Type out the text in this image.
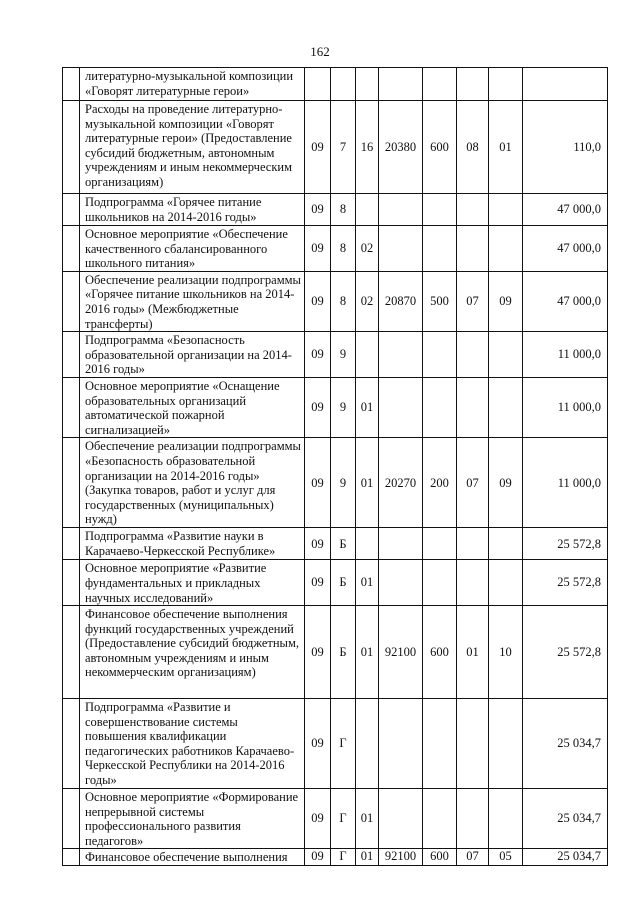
162
	литературно-музыкальной композиции «Говорят литературные герои»								
	Расходы на проведение литературно-музыкальной композиции «Говорят литературные герои» (Предоставление субсидий бюджетным, автономным учреждениям и иным некоммерческим организациям)	09	7	16	20380	600	08	01	110,0
	Подпрограмма «Горячее питание школьников на 2014-2016 годы»	09	8						47 000,0
	Основное мероприятие «Обеспечение качественного сбалансированного школьного питания»	09	8	02					47 000,0
	Обеспечение реализации подпрограммы «Горячее питание школьников на 2014-2016 годы» (Межбюджетные трансферты)	09	8	02	20870	500	07	09	47 000,0
	Подпрограмма «Безопасность образовательной организации на 2014-2016 годы»	09	9						11 000,0
	Основное мероприятие «Оснащение образовательных организаций автоматической пожарной сигнализацией»	09	9	01					11 000,0
	Обеспечение реализации подпрограммы «Безопасность образовательной организации на 2014-2016 годы» (Закупка товаров, работ и услуг для государственных (муниципальных) нужд)	09	9	01	20270	200	07	09	11 000,0
	Подпрограмма «Развитие науки в Карачаево-Черкесской Республике»	09	Б						25 572,8
	Основное мероприятие «Развитие фундаментальных и прикладных научных исследований»	09	Б	01					25 572,8
	Финансовое обеспечение выполнения функций государственных учреждений (Предоставление субсидий бюджетным, автономным учреждениям и иным некоммерческим организациям)	09	Б	01	92100	600	01	10	25 572,8
	Подпрограмма «Развитие и совершенствование системы повышения квалификации педагогических работников Карачаево-Черкесской Республики на 2014-2016 годы»	09	Г						25 034,7
	Основное мероприятие «Формирование непрерывной системы профессионального развития педагогов»	09	Г	01					25 034,7
	Финансовое обеспечение выполнения	09	Г	01	92100	600	07	05	25 034,7
